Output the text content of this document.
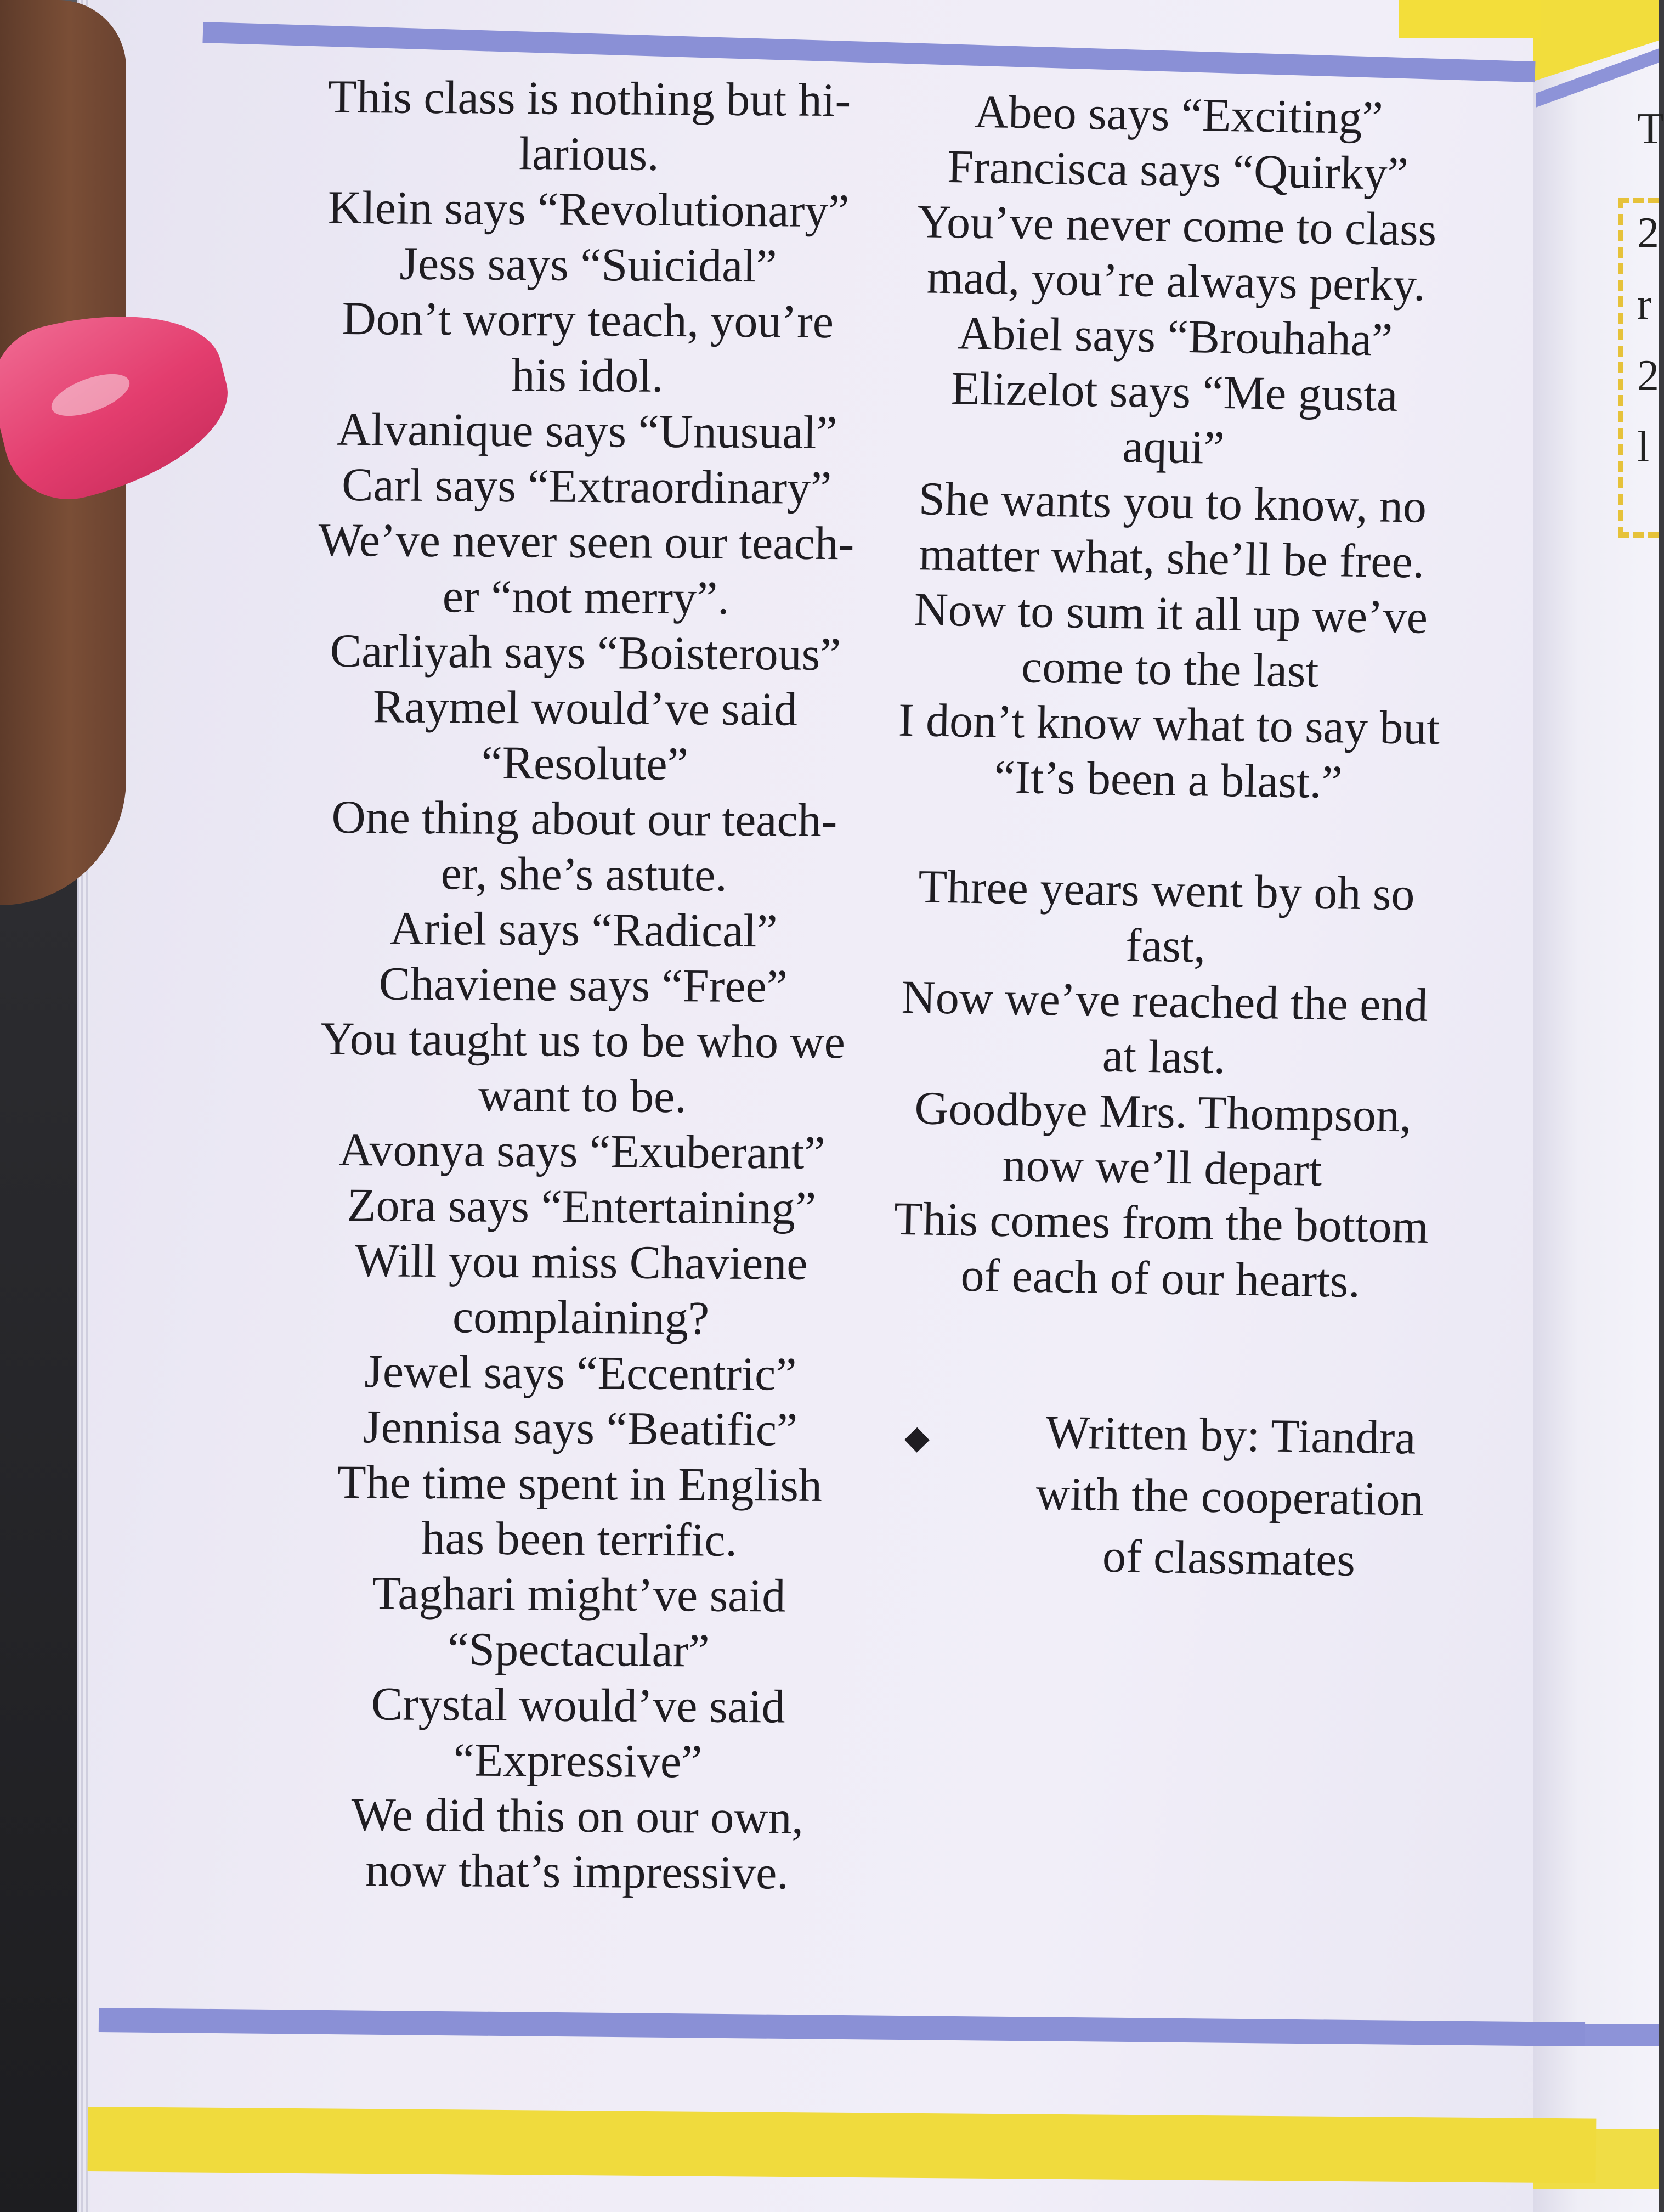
T
2
r
2
l
This class is nothing but hi-
larious.
Klein says “Revolutionary”
Jess says “Suicidal”
Don’t worry teach, you’re
his idol.
Alvanique says “Unusual”
Carl says “Extraordinary”
We’ve never seen our teach-
er “not merry”.
Carliyah says “Boisterous”
Raymel would’ve said
“Resolute”
One thing about our teach-
er, she’s astute.
Ariel says “Radical”
Chaviene says “Free”
You taught us to be who we
want to be.
Avonya says “Exuberant”
Zora says “Entertaining”
Will you miss Chaviene
complaining?
Jewel says “Eccentric”
Jennisa says “Beatific”
The time spent in English
has been terrific.
Taghari might’ve said
“Spectacular”
Crystal would’ve said
“Expressive”
We did this on our own,
now that’s impressive.
Abeo says “Exciting”
Francisca says “Quirky”
You’ve never come to class
mad, you’re always perky.
Abiel says “Brouhaha”
Elizelot says “Me gusta
aqui”
She wants you to know, no
matter what, she’ll be free.
Now to sum it all up we’ve
come to the last
I don’t know what to say but
“It’s been a blast.”
Three years went by oh so
fast,
Now we’ve reached the end
at last.
Goodbye Mrs. Thompson,
now we’ll depart
This comes from the bottom
of each of our hearts.
◆	Written by: Tiandra
with the cooperation
of classmates
